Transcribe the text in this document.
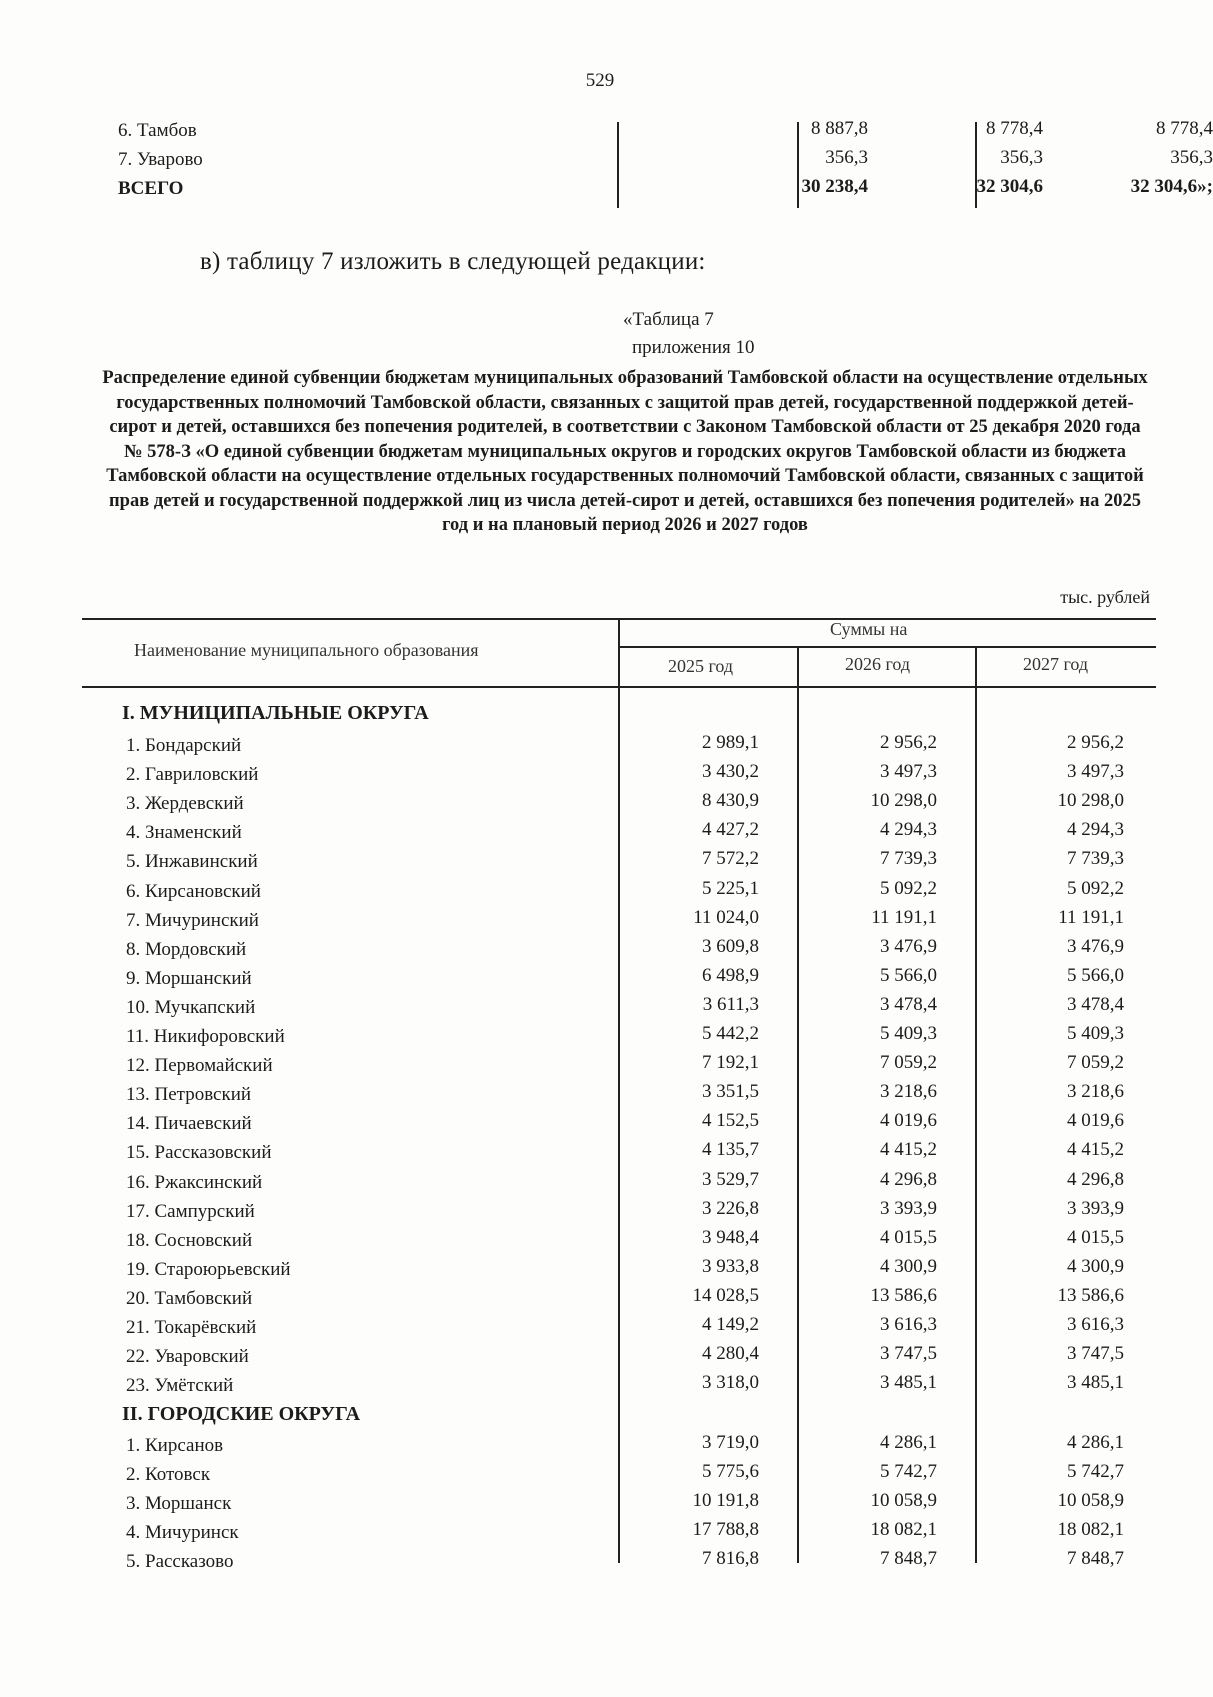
529
6. Тамбов	8 887,8	8 778,4	8 778,4
7. Уварово	356,3	356,3	356,3
ВСЕГО	30 238,4	32 304,6	32 304,6»;
в) таблицу 7 изложить в следующей редакции:
«Таблица 7
приложения 10
Распределение единой субвенции бюджетам муниципальных образований Тамбовской области на осуществление отдельных государственных полномочий Тамбовской области, связанных с защитой прав детей, государственной поддержкой детей-сирот и детей, оставшихся без попечения родителей, в соответствии с Законом Тамбовской области от 25 декабря 2020 года № 578-З «О единой субвенции бюджетам муниципальных округов и городских округов Тамбовской области из бюджета Тамбовской области на осуществление отдельных государственных полномочий Тамбовской области, связанных с защитой прав детей и государственной поддержкой лиц из числа детей-сирот и детей, оставшихся без попечения родителей» на 2025 год и на плановый период 2026 и 2027 годов
тыс. рублей
Наименование муниципального образования
Суммы на
2025 год	2026 год	2027 год
I. МУНИЦИПАЛЬНЫЕ ОКРУГА
1. Бондарский	2 989,1	2 956,2	2 956,2
2. Гавриловский	3 430,2	3 497,3	3 497,3
3. Жердевский	8 430,9	10 298,0	10 298,0
4. Знаменский	4 427,2	4 294,3	4 294,3
5. Инжавинский	7 572,2	7 739,3	7 739,3
6. Кирсановский	5 225,1	5 092,2	5 092,2
7. Мичуринский	11 024,0	11 191,1	11 191,1
8. Мордовский	3 609,8	3 476,9	3 476,9
9. Моршанский	6 498,9	5 566,0	5 566,0
10. Мучкапский	3 611,3	3 478,4	3 478,4
11. Никифоровский	5 442,2	5 409,3	5 409,3
12. Первомайский	7 192,1	7 059,2	7 059,2
13. Петровский	3 351,5	3 218,6	3 218,6
14. Пичаевский	4 152,5	4 019,6	4 019,6
15. Рассказовский	4 135,7	4 415,2	4 415,2
16. Ржаксинский	3 529,7	4 296,8	4 296,8
17. Сампурский	3 226,8	3 393,9	3 393,9
18. Сосновский	3 948,4	4 015,5	4 015,5
19. Староюрьевский	3 933,8	4 300,9	4 300,9
20. Тамбовский	14 028,5	13 586,6	13 586,6
21. Токарёвский	4 149,2	3 616,3	3 616,3
22. Уваровский	4 280,4	3 747,5	3 747,5
23. Умётский	3 318,0	3 485,1	3 485,1
II. ГОРОДСКИЕ ОКРУГА
1. Кирсанов	3 719,0	4 286,1	4 286,1
2. Котовск	5 775,6	5 742,7	5 742,7
3. Моршанск	10 191,8	10 058,9	10 058,9
4. Мичуринск	17 788,8	18 082,1	18 082,1
5. Рассказово	7 816,8	7 848,7	7 848,7
